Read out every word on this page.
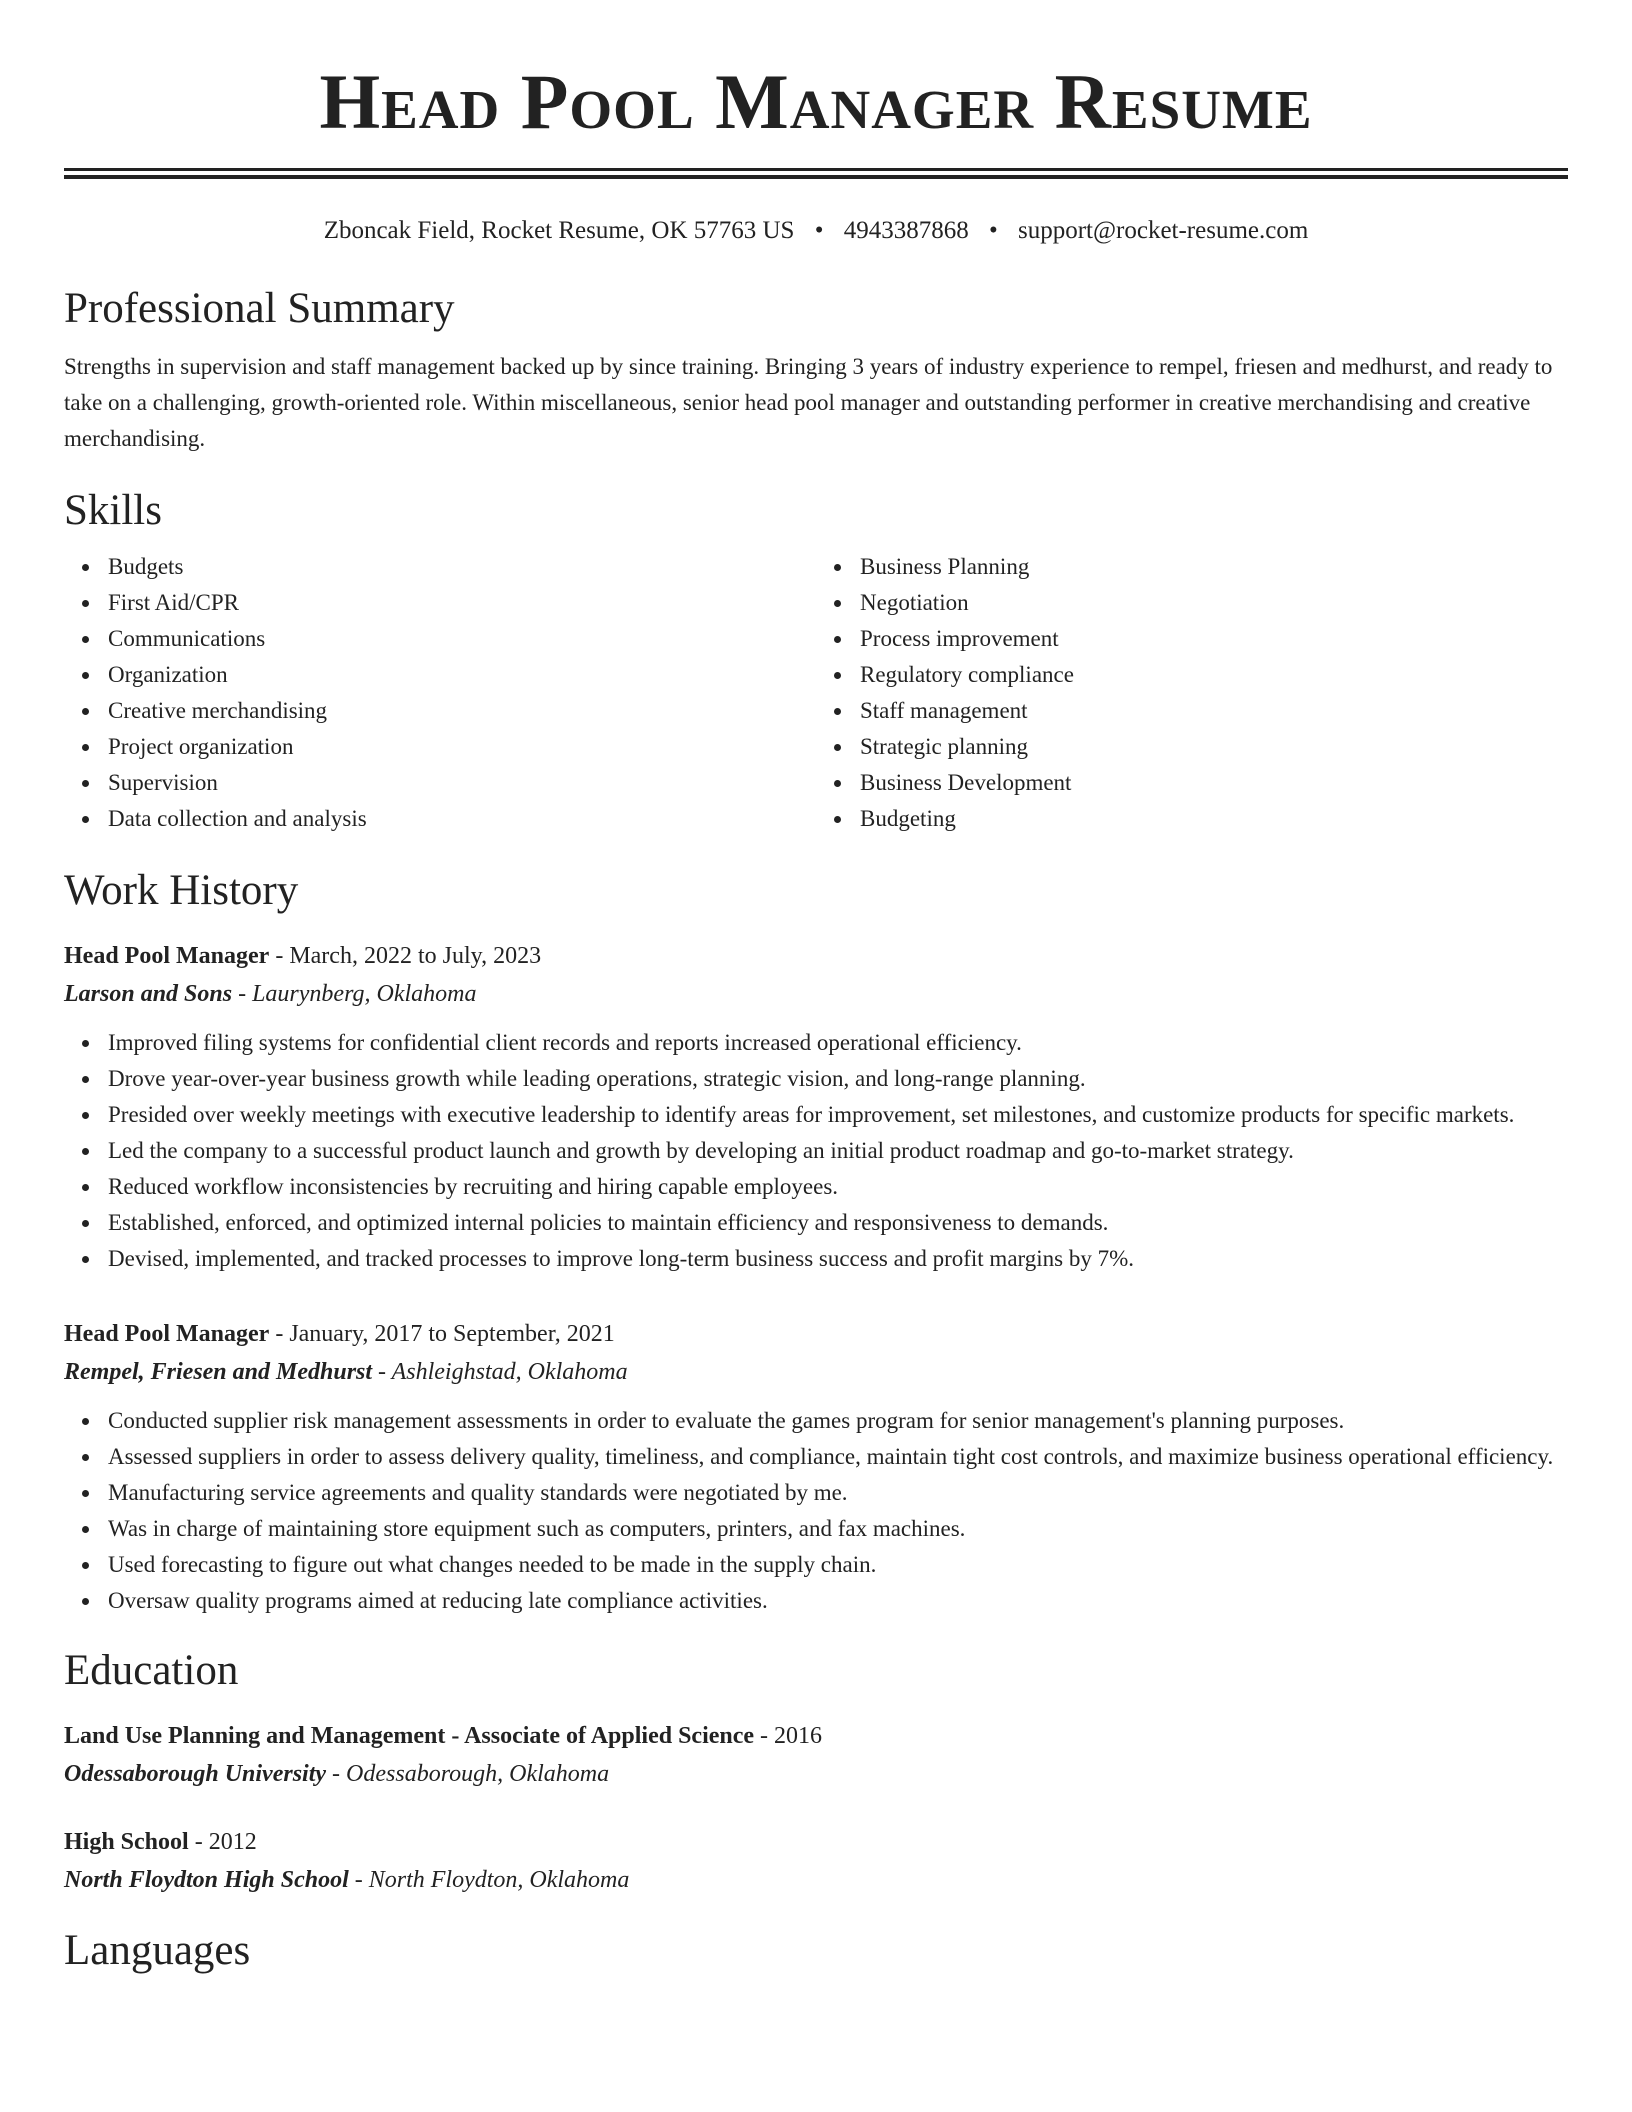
Head Pool Manager Resume
Zboncak Field, Rocket Resume, OK 57763 US • 4943387868 • support@rocket-resume.com
Professional Summary
Strengths in supervision and staff management backed up by since training. Bringing 3 years of industry experience to rempel, friesen and medhurst, and ready to take on a challenging, growth-oriented role. Within miscellaneous, senior head pool manager and outstanding performer in creative merchandising and creative merchandising.
Skills
Budgets
First Aid/CPR
Communications
Organization
Creative merchandising
Project organization
Supervision
Data collection and analysis
Business Planning
Negotiation
Process improvement
Regulatory compliance
Staff management
Strategic planning
Business Development
Budgeting
Work History
Head Pool Manager - March, 2022 to July, 2023
Larson and Sons - Laurynberg, Oklahoma
Improved filing systems for confidential client records and reports increased operational efficiency.
Drove year-over-year business growth while leading operations, strategic vision, and long-range planning.
Presided over weekly meetings with executive leadership to identify areas for improvement, set milestones, and customize products for specific markets.
Led the company to a successful product launch and growth by developing an initial product roadmap and go-to-market strategy.
Reduced workflow inconsistencies by recruiting and hiring capable employees.
Established, enforced, and optimized internal policies to maintain efficiency and responsiveness to demands.
Devised, implemented, and tracked processes to improve long-term business success and profit margins by 7%.
Head Pool Manager - January, 2017 to September, 2021
Rempel, Friesen and Medhurst - Ashleighstad, Oklahoma
Conducted supplier risk management assessments in order to evaluate the games program for senior management's planning purposes.
Assessed suppliers in order to assess delivery quality, timeliness, and compliance, maintain tight cost controls, and maximize business operational efficiency.
Manufacturing service agreements and quality standards were negotiated by me.
Was in charge of maintaining store equipment such as computers, printers, and fax machines.
Used forecasting to figure out what changes needed to be made in the supply chain.
Oversaw quality programs aimed at reducing late compliance activities.
Education
Land Use Planning and Management - Associate of Applied Science - 2016
Odessaborough University - Odessaborough, Oklahoma
High School - 2012
North Floydton High School - North Floydton, Oklahoma
Languages
